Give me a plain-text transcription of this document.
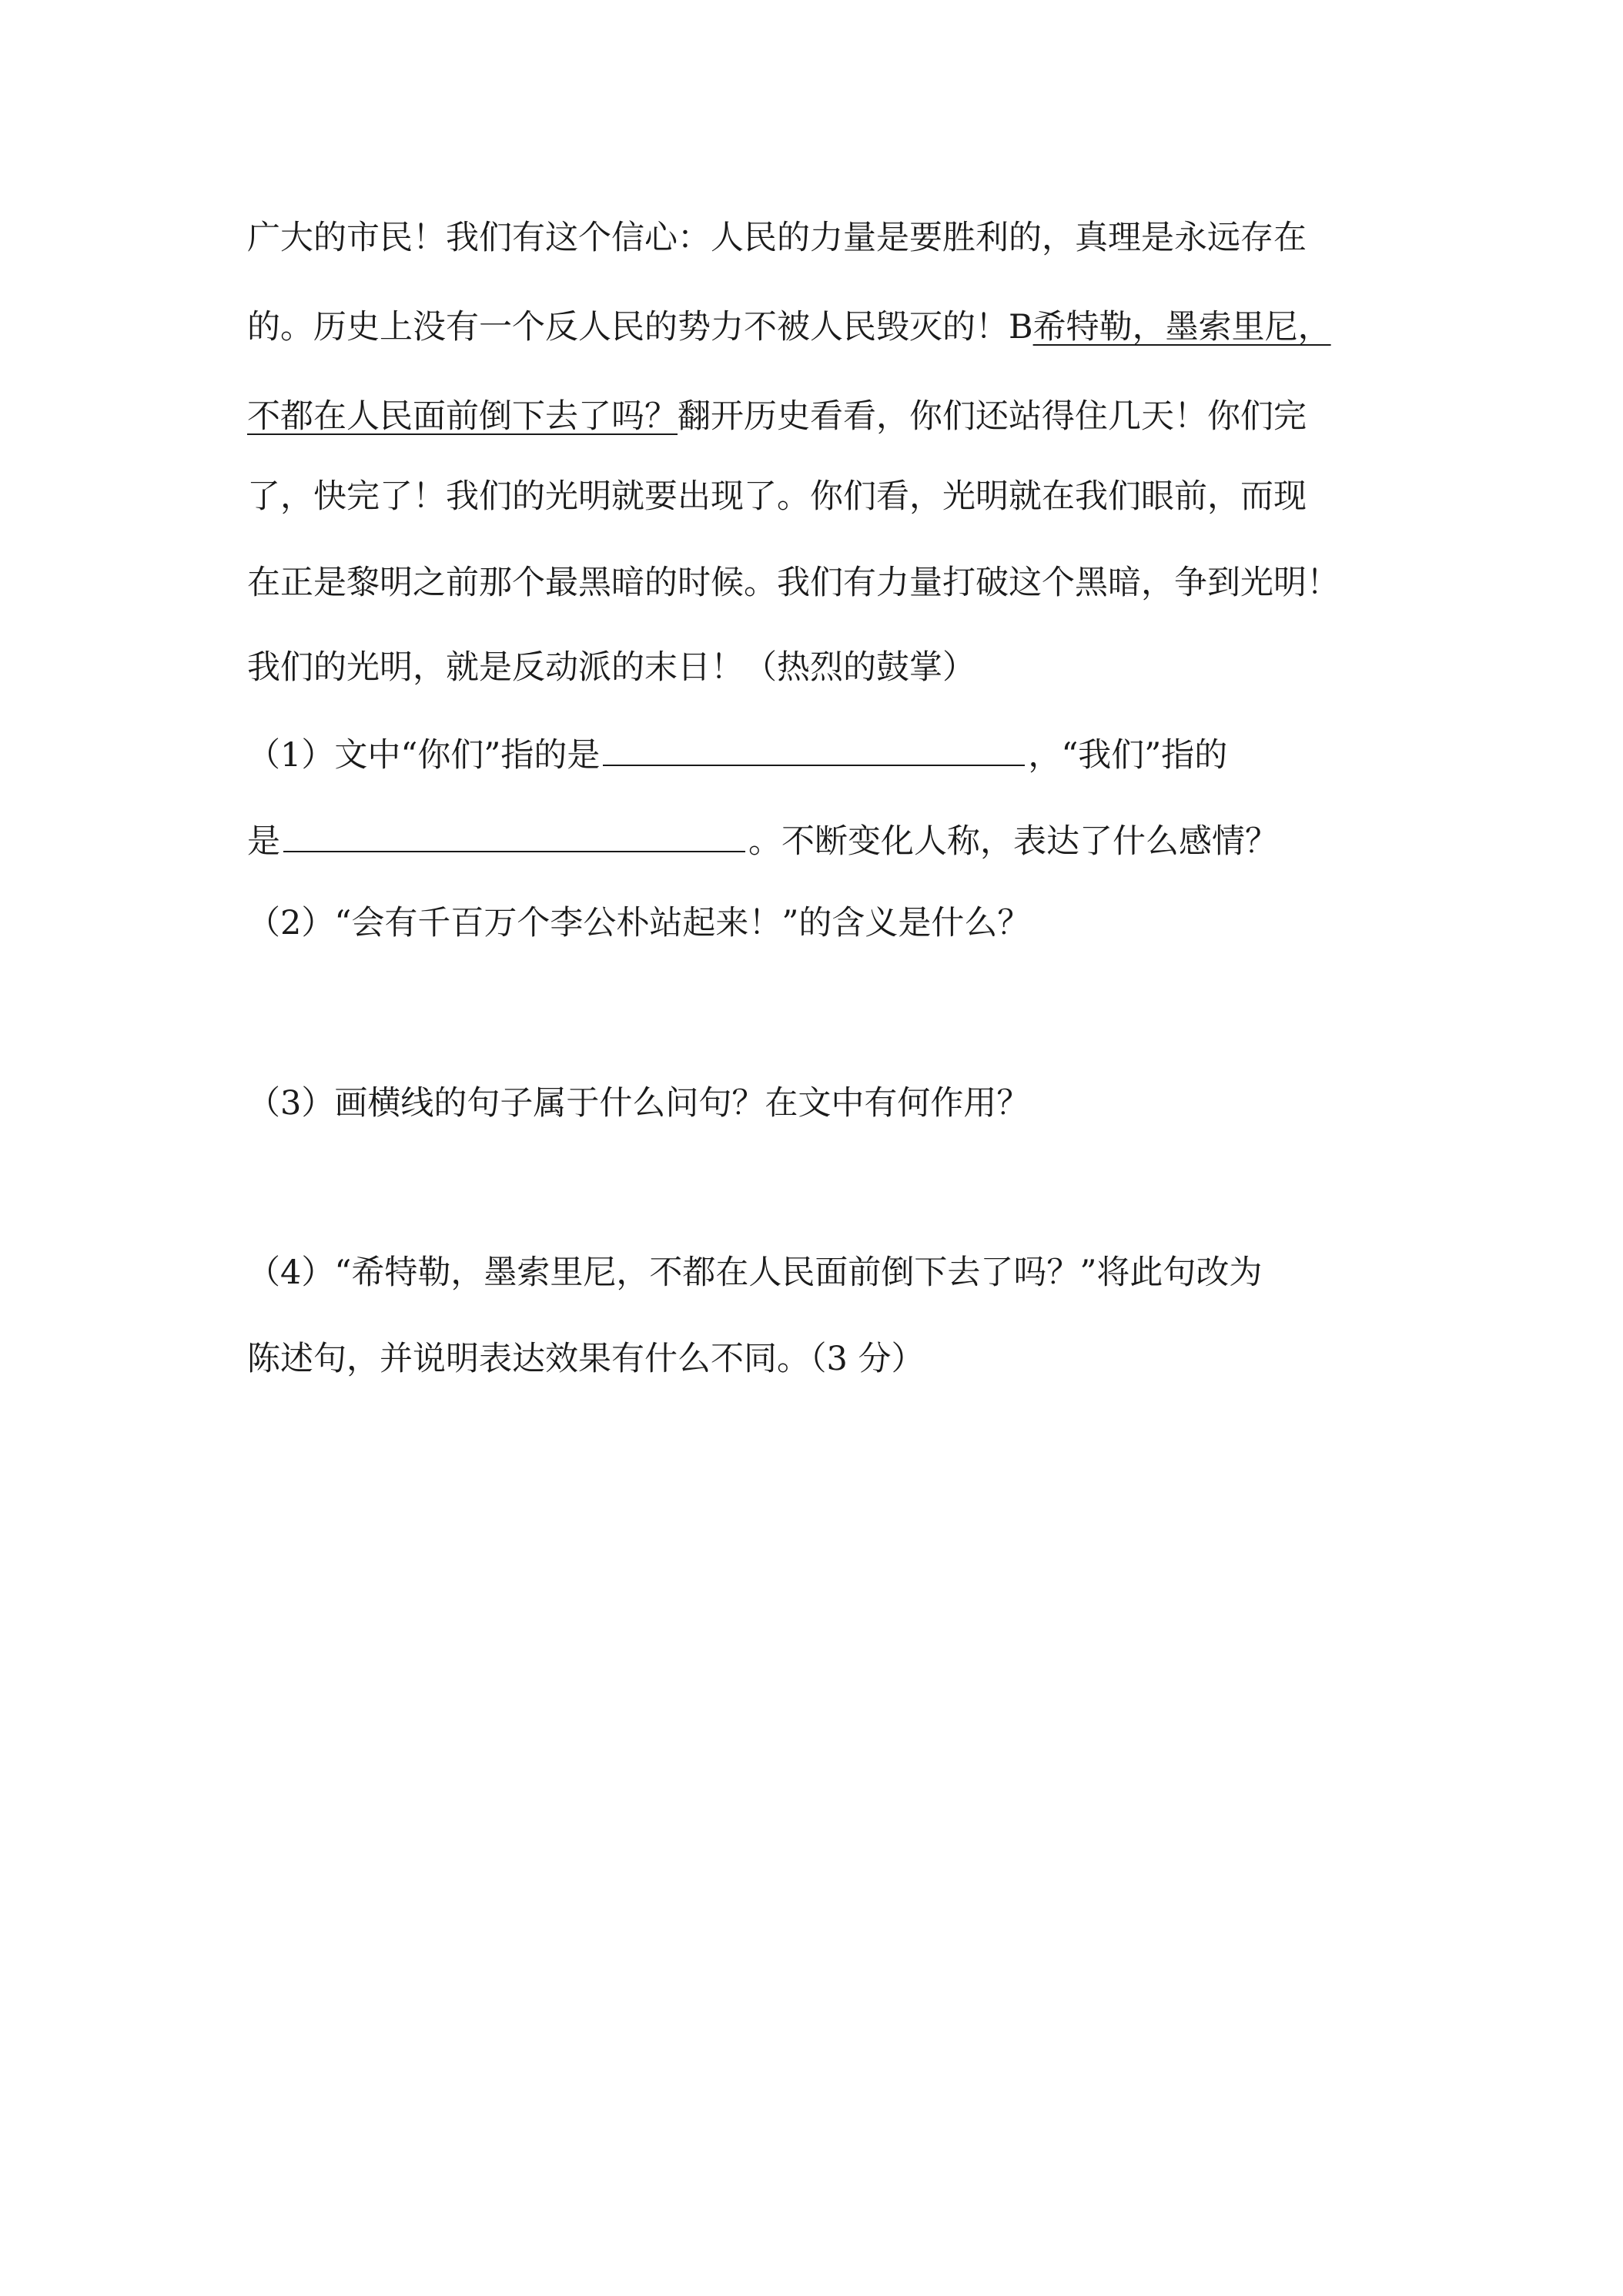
广大的市民！我们有这个信心：人民的力量是要胜利的，真理是永远存在
的。历史上没有一个反人民的势力不被人民毁灭的！B希特勒，墨索里尼，
不都在人民面前倒下去了吗？翻开历史看看，你们还站得住几天！你们完
了，快完了！我们的光明就要出现了。你们看，光明就在我们眼前，而现
在正是黎明之前那个最黑暗的时候。我们有力量打破这个黑暗，争到光明！
我们的光明，就是反动派的末日！（热烈的鼓掌）
（1）文中“你们”指的是	，“我们”指的
是	。不断变化人称，表达了什么感情？
（2）“会有千百万个李公朴站起来！”的含义是什么？
（3）画横线的句子属于什么问句？在文中有何作用？
（4）“希特勒，墨索里尼，不都在人民面前倒下去了吗？”将此句改为
陈述句，并说明表达效果有什么不同。（3 分）
